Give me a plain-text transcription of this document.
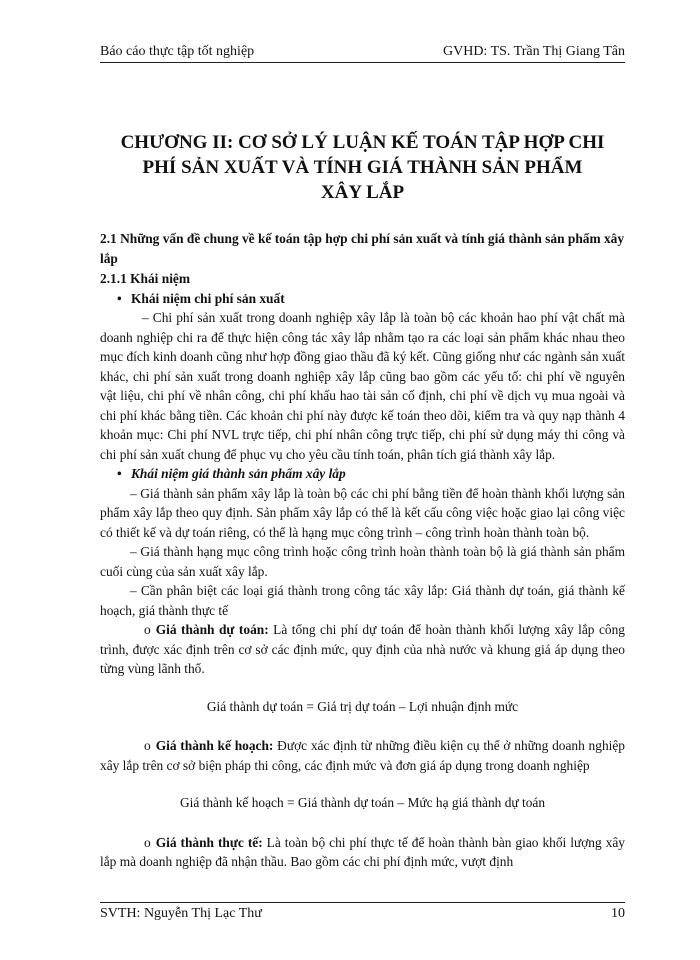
Báo cáo thực tập tốt nghiệp	GVHD: TS. Trần Thị Giang Tân
CHƯƠNG II: CƠ SỞ LÝ LUẬN KẾ TOÁN TẬP HỢP CHI
PHÍ SẢN XUẤT VÀ TÍNH GIÁ THÀNH SẢN PHẨM
XÂY LẮP

2.1 Những vấn đề chung về kế toán tập hợp chi phí sản xuất và tính giá thành sản phẩm xây lắp

2.1.1 Khái niệm

• Khái niệm chi phí sản xuất

– Chi phí sản xuất trong doanh nghiệp xây lắp là toàn bộ các khoản hao phí vật chất mà doanh nghiệp chi ra để thực hiện công tác xây lắp nhằm tạo ra các loại sản phẩm khác nhau theo mục đích kinh doanh cũng như hợp đồng giao thầu đã ký kết. Cũng giống như các ngành sản xuất khác, chi phí sản xuất trong doanh nghiệp xây lắp cũng bao gồm các yếu tố: chi phí về nguyên vật liệu, chi phí về nhân công, chi phí khấu hao tài sản cố định, chi phí về dịch vụ mua ngoài và chi phí khác bằng tiền. Các khoản chi phí này được kế toán theo dõi, kiểm tra và quy nạp thành 4 khoản mục: Chi phí NVL trực tiếp, chi phí nhân công trực tiếp, chi phí sử dụng máy thi công và chi phí sản xuất chung để phục vụ cho yêu cầu tính toán, phân tích giá thành xây lắp.

• Khái niệm giá thành sản phẩm xây lắp

– Giá thành sản phẩm xây lắp là toàn bộ các chi phí bằng tiền để hoàn thành khối lượng sản phẩm xây lắp theo quy định. Sản phẩm xây lắp có thể là kết cấu công việc hoặc giao lại công việc có thiết kế và dự toán riêng, có thể là hạng mục công trình – công trình hoàn thành toàn bộ.

– Giá thành hạng mục công trình hoặc công trình hoàn thành toàn bộ là giá thành sản phẩm cuối cùng của sản xuất xây lắp.

– Cần phân biệt các loại giá thành trong công tác xây lắp: Giá thành dự toán, giá thành kế hoạch, giá thành thực tế

o Giá thành dự toán: Là tổng chi phí dự toán để hoàn thành khối lượng xây lắp công trình, được xác định trên cơ sở các định mức, quy định của nhà nước và khung giá áp dụng theo từng vùng lãnh thổ.

Giá thành dự toán = Giá trị dự toán – Lợi nhuận định mức

o Giá thành kế hoạch: Được xác định từ những điều kiện cụ thể ở những doanh nghiệp xây lắp trên cơ sở biện pháp thi công, các định mức và đơn giá áp dụng trong doanh nghiệp

Giá thành kế hoạch = Giá thành dự toán – Mức hạ giá thành dự toán

o Giá thành thực tế: Là toàn bộ chi phí thực tế để hoàn thành bàn giao khối lượng xây lắp mà doanh nghiệp đã nhận thầu. Bao gồm các chi phí định mức, vượt định

SVTH: Nguyễn Thị Lạc Thư	10
